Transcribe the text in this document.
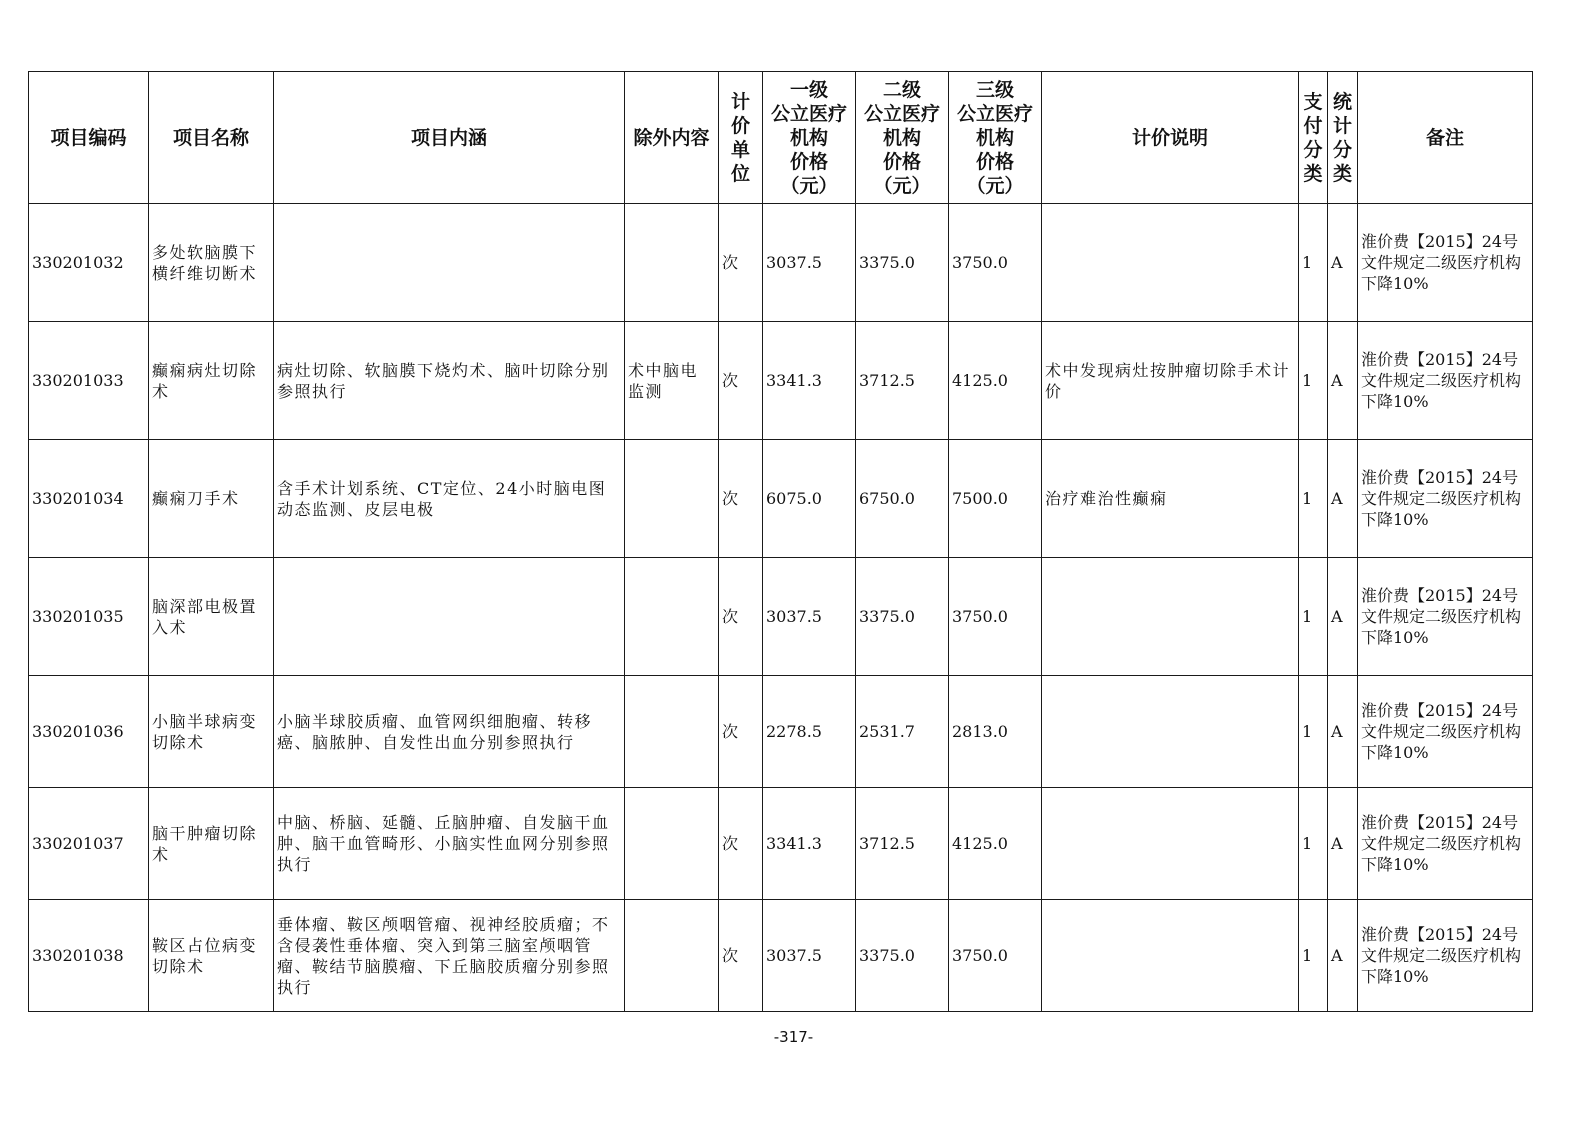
项目编码	项目名称	项目内涵	除外内容	计价单位	一级
公立医疗
机构
价格
（元）	二级
公立医疗
机构
价格
（元）	三级
公立医疗
机构
价格
（元）	计价说明	支付分类	统计分类	备注
330201032	多处软脑膜下横纤维切断术			次	3037.5	3375.0	3750.0		1	A	淮价费【2015】24号文件规定二级医疗机构下降10%
330201033	癫痫病灶切除术	病灶切除、软脑膜下烧灼术、脑叶切除分别参照执行	术中脑电监测	次	3341.3	3712.5	4125.0	术中发现病灶按肿瘤切除手术计价	1	A	淮价费【2015】24号文件规定二级医疗机构下降10%
330201034	癫痫刀手术	含手术计划系统、CT定位、24小时脑电图动态监测、皮层电极		次	6075.0	6750.0	7500.0	治疗难治性癫痫	1	A	淮价费【2015】24号文件规定二级医疗机构下降10%
330201035	脑深部电极置入术			次	3037.5	3375.0	3750.0		1	A	淮价费【2015】24号文件规定二级医疗机构下降10%
330201036	小脑半球病变切除术	小脑半球胶质瘤、血管网织细胞瘤、转移癌、脑脓肿、自发性出血分别参照执行		次	2278.5	2531.7	2813.0		1	A	淮价费【2015】24号文件规定二级医疗机构下降10%
330201037	脑干肿瘤切除术	中脑、桥脑、延髓、丘脑肿瘤、自发脑干血肿、脑干血管畸形、小脑实性血网分别参照执行		次	3341.3	3712.5	4125.0		1	A	淮价费【2015】24号文件规定二级医疗机构下降10%
330201038	鞍区占位病变切除术	垂体瘤、鞍区颅咽管瘤、视神经胶质瘤；不含侵袭性垂体瘤、突入到第三脑室颅咽管瘤、鞍结节脑膜瘤、下丘脑胶质瘤分别参照执行		次	3037.5	3375.0	3750.0		1	A	淮价费【2015】24号文件规定二级医疗机构下降10%
-317-
